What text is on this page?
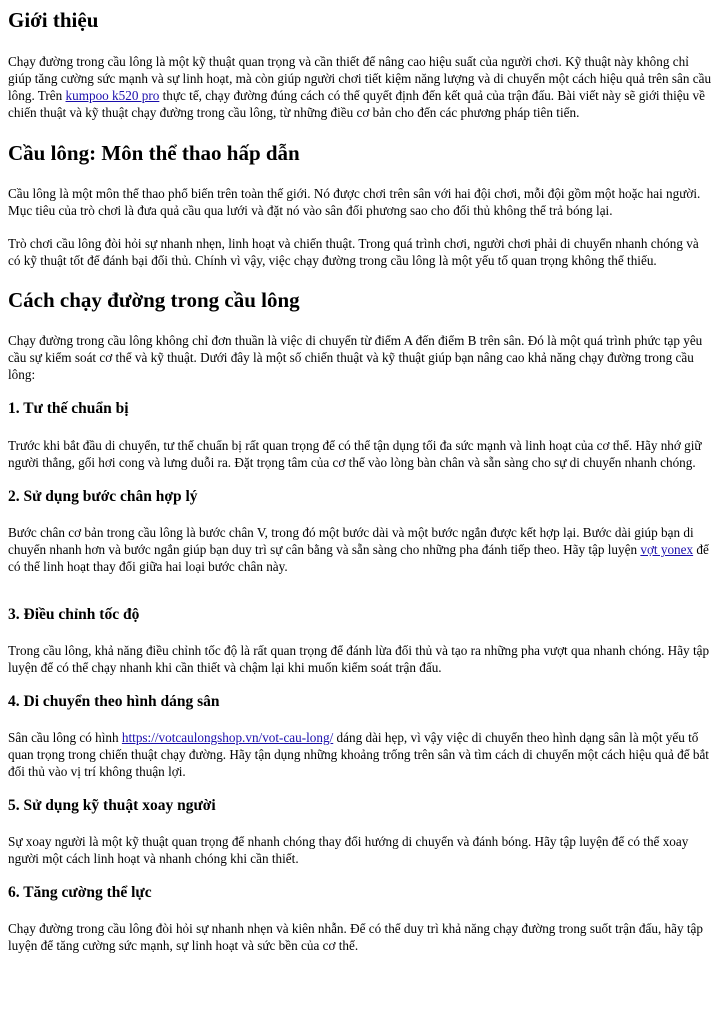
Giới thiệu

Chạy đường trong cầu lông là một kỹ thuật quan trọng và cần thiết để nâng cao hiệu suất của người chơi. Kỹ thuật này không chỉ giúp tăng cường sức mạnh và sự linh hoạt, mà còn giúp người chơi tiết kiệm năng lượng và di chuyển một cách hiệu quả trên sân cầu lông. Trên kumpoo k520 pro thực tế, chạy đường đúng cách có thể quyết định đến kết quả của trận đấu. Bài viết này sẽ giới thiệu về chiến thuật và kỹ thuật chạy đường trong cầu lông, từ những điều cơ bản cho đến các phương pháp tiên tiến.

Cầu lông: Môn thể thao hấp dẫn

Cầu lông là một môn thể thao phổ biến trên toàn thế giới. Nó được chơi trên sân với hai đội chơi, mỗi đội gồm một hoặc hai người. Mục tiêu của trò chơi là đưa quả cầu qua lưới và đặt nó vào sân đối phương sao cho đối thủ không thể trả bóng lại.

Trò chơi cầu lông đòi hỏi sự nhanh nhẹn, linh hoạt và chiến thuật. Trong quá trình chơi, người chơi phải di chuyển nhanh chóng và có kỹ thuật tốt để đánh bại đối thủ. Chính vì vậy, việc chạy đường trong cầu lông là một yếu tố quan trọng không thể thiếu.

Cách chạy đường trong cầu lông

Chạy đường trong cầu lông không chỉ đơn thuần là việc di chuyển từ điểm A đến điểm B trên sân. Đó là một quá trình phức tạp yêu cầu sự kiểm soát cơ thể và kỹ thuật. Dưới đây là một số chiến thuật và kỹ thuật giúp bạn nâng cao khả năng chạy đường trong cầu lông:

1. Tư thế chuẩn bị

Trước khi bắt đầu di chuyển, tư thế chuẩn bị rất quan trọng để có thể tận dụng tối đa sức mạnh và linh hoạt của cơ thể. Hãy nhớ giữ người thẳng, gối hơi cong và lưng duỗi ra. Đặt trọng tâm của cơ thể vào lòng bàn chân và sẵn sàng cho sự di chuyển nhanh chóng.

2. Sử dụng bước chân hợp lý

Bước chân cơ bản trong cầu lông là bước chân V, trong đó một bước dài và một bước ngắn được kết hợp lại. Bước dài giúp bạn di chuyển nhanh hơn và bước ngắn giúp bạn duy trì sự cân bằng và sẵn sàng cho những pha đánh tiếp theo. Hãy tập luyện vợt yonex để có thể linh hoạt thay đổi giữa hai loại bước chân này.

3. Điều chỉnh tốc độ

Trong cầu lông, khả năng điều chỉnh tốc độ là rất quan trọng để đánh lừa đối thủ và tạo ra những pha vượt qua nhanh chóng. Hãy tập luyện để có thể chạy nhanh khi cần thiết và chậm lại khi muốn kiểm soát trận đấu.

4. Di chuyển theo hình dáng sân

Sân cầu lông có hình https://votcaulongshop.vn/vot-cau-long/ dáng dài hẹp, vì vậy việc di chuyển theo hình dạng sân là một yếu tố quan trọng trong chiến thuật chạy đường. Hãy tận dụng những khoảng trống trên sân và tìm cách di chuyển một cách hiệu quả để bắt đối thủ vào vị trí không thuận lợi.

5. Sử dụng kỹ thuật xoay người

Sự xoay người là một kỹ thuật quan trọng để nhanh chóng thay đổi hướng di chuyển và đánh bóng. Hãy tập luyện để có thể xoay người một cách linh hoạt và nhanh chóng khi cần thiết.

6. Tăng cường thể lực

Chạy đường trong cầu lông đòi hỏi sự nhanh nhẹn và kiên nhẫn. Để có thể duy trì khả năng chạy đường trong suốt trận đấu, hãy tập luyện để tăng cường sức mạnh, sự linh hoạt và sức bền của cơ thể.
